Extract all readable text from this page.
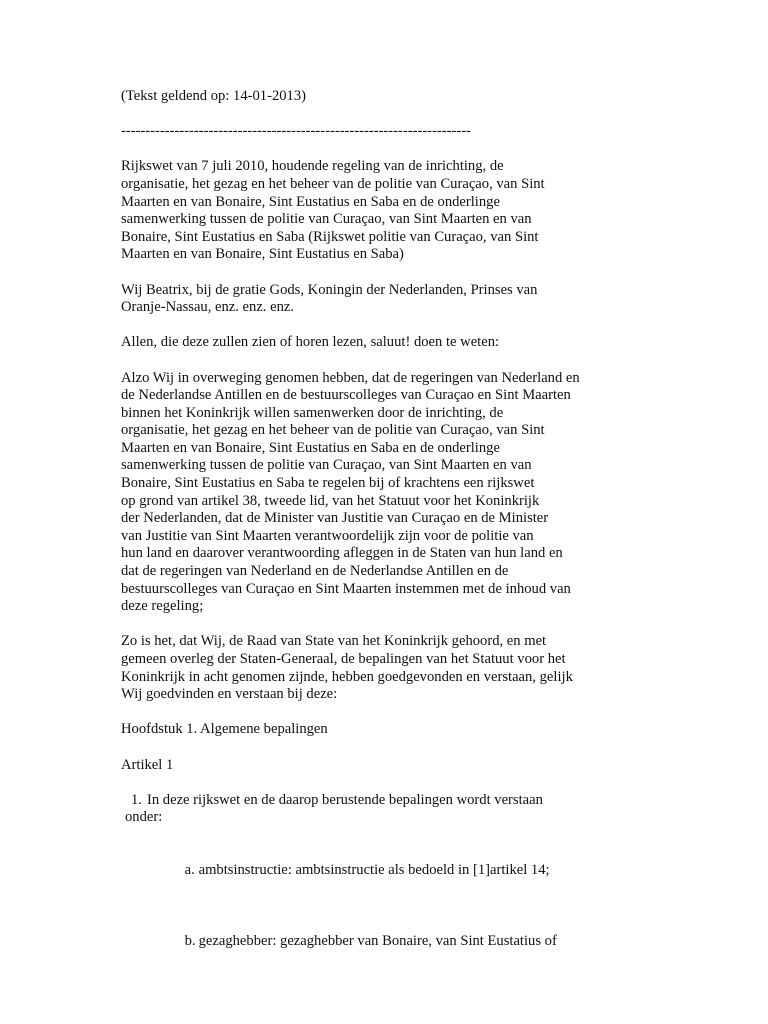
(Tekst geldend op: 14-01-2013)

------------------------------------------------------------------------

Rijkswet van 7 juli 2010, houdende regeling van de inrichting, de
organisatie, het gezag en het beheer van de politie van Curaçao, van Sint
Maarten en van Bonaire, Sint Eustatius en Saba en de onderlinge
samenwerking tussen de politie van Curaçao, van Sint Maarten en van
Bonaire, Sint Eustatius en Saba (Rijkswet politie van Curaçao, van Sint
Maarten en van Bonaire, Sint Eustatius en Saba)

Wij Beatrix, bij de gratie Gods, Koningin der Nederlanden, Prinses van
Oranje-Nassau, enz. enz. enz.

Allen, die deze zullen zien of horen lezen, saluut! doen te weten:

Alzo Wij in overweging genomen hebben, dat de regeringen van Nederland en
de Nederlandse Antillen en de bestuurscolleges van Curaçao en Sint Maarten
binnen het Koninkrijk willen samenwerken door de inrichting, de
organisatie, het gezag en het beheer van de politie van Curaçao, van Sint
Maarten en van Bonaire, Sint Eustatius en Saba en de onderlinge
samenwerking tussen de politie van Curaçao, van Sint Maarten en van
Bonaire, Sint Eustatius en Saba te regelen bij of krachtens een rijkswet
op grond van artikel 38, tweede lid, van het Statuut voor het Koninkrijk
der Nederlanden, dat de Minister van Justitie van Curaçao en de Minister
van Justitie van Sint Maarten verantwoordelijk zijn voor de politie van
hun land en daarover verantwoording afleggen in de Staten van hun land en
dat de regeringen van Nederland en de Nederlandse Antillen en de
bestuurscolleges van Curaçao en Sint Maarten instemmen met de inhoud van
deze regeling;

Zo is het, dat Wij, de Raad van State van het Koninkrijk gehoord, en met
gemeen overleg der Staten-Generaal, de bepalingen van het Statuut voor het
Koninkrijk in acht genomen zijnde, hebben goedgevonden en verstaan, gelijk
Wij goedvinden en verstaan bij deze:

Hoofdstuk 1. Algemene bepalingen

Artikel 1

1. In deze rijkswet en de daarop berustende bepalingen wordt verstaan
onder:

a. ambtsinstructie: ambtsinstructie als bedoeld in [1]artikel 14;

b. gezaghebber: gezaghebber van Bonaire, van Sint Eustatius of
